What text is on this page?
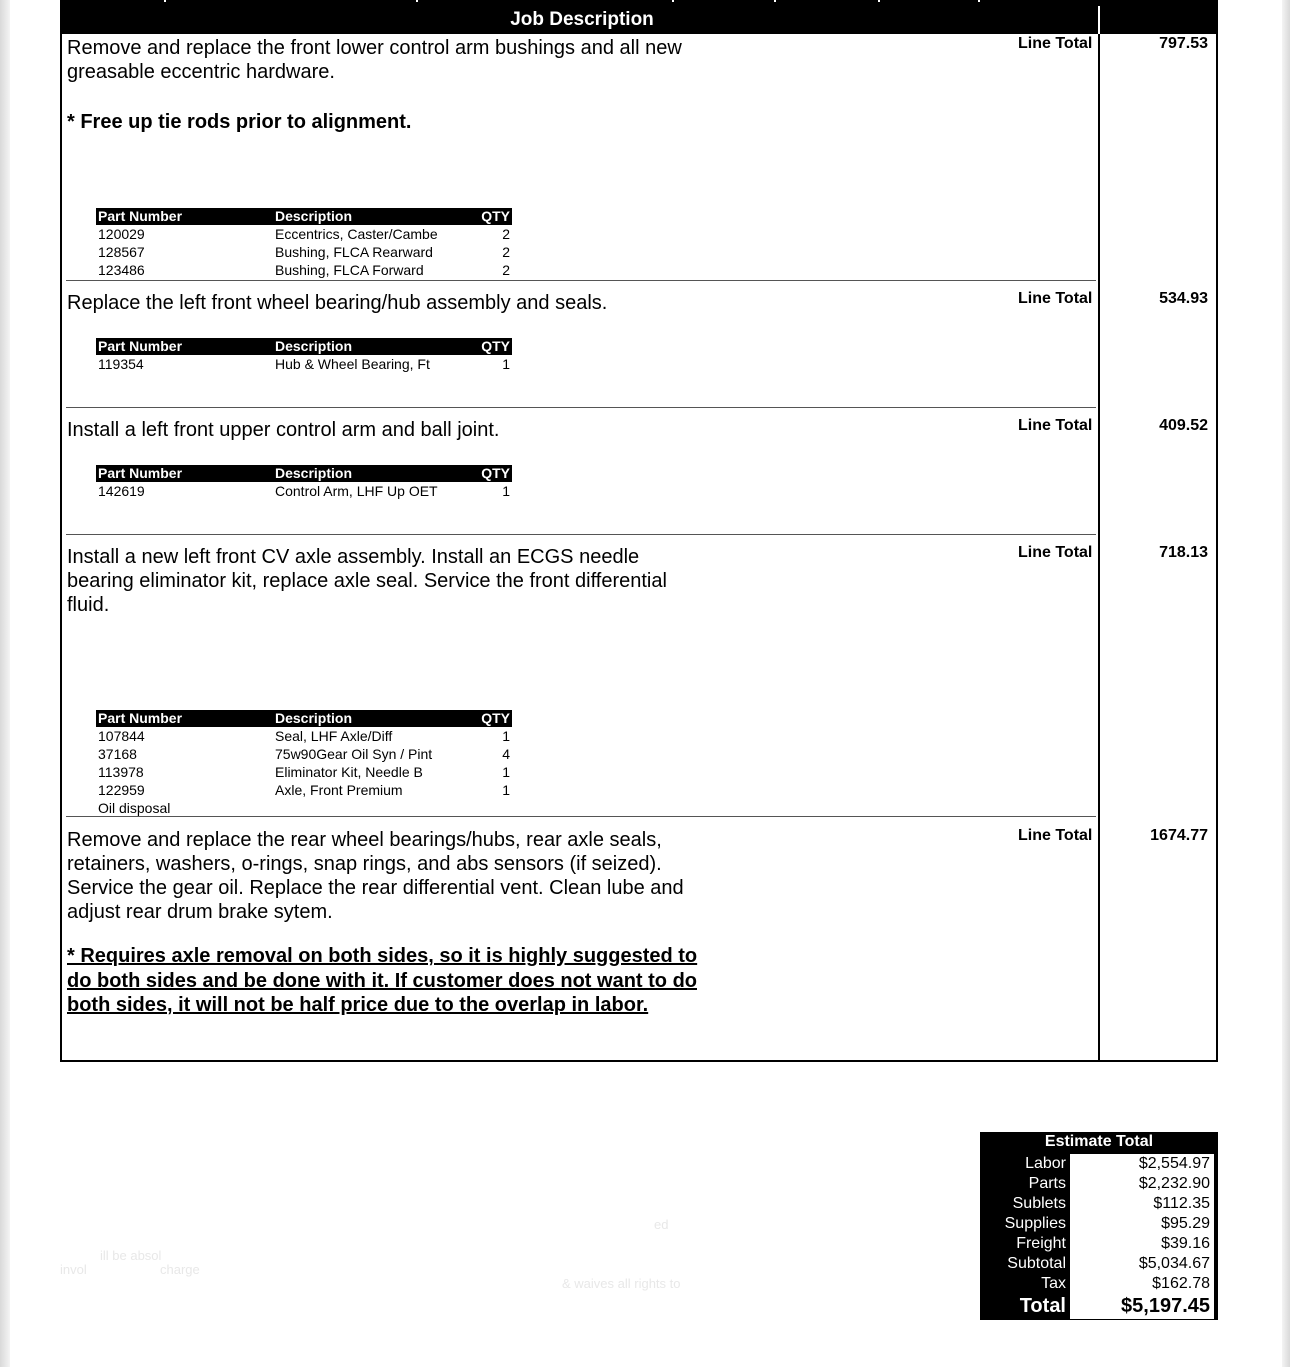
Job Description
Remove and replace the front lower control arm bushings and all new greasable eccentric hardware.
* Free up tie rods prior to alignment.
Line Total	797.53
Part Number	Description	QTY
120029	Eccentrics, Caster/Cambe	2
128567	Bushing, FLCA Rearward	2
123486	Bushing, FLCA Forward	2
Replace the left front wheel bearing/hub assembly and seals.	Line Total	534.93
Part Number	Description	QTY
119354	Hub & Wheel Bearing, Ft	1
Install a left front upper control arm and ball joint.	Line Total	409.52
Part Number	Description	QTY
142619	Control Arm, LHF Up OET	1
Install a new left front CV axle assembly. Install an ECGS needle bearing eliminator kit, replace axle seal. Service the front differential fluid.
Line Total	718.13
Part Number	Description	QTY
107844	Seal, LHF Axle/Diff	1
37168	75w90Gear Oil Syn / Pint	4
113978	Eliminator Kit, Needle B	1
122959	Axle, Front Premium	1
Oil disposal
Remove and replace the rear wheel bearings/hubs, rear axle seals, retainers, washers, o-rings, snap rings, and abs sensors (if seized). Service the gear oil. Replace the rear differential vent. Clean lube and adjust rear drum brake sytem.
* Requires axle removal on both sides, so it is highly suggested to do both sides and be done with it. If customer does not want to do both sides, it will not be half price due to the overlap in labor.
Line Total	1674.77
ill be absol
invol	charge
& waives all rights to
ed
Estimate Total
Labor	$2,554.97
Parts	$2,232.90
Sublets	$112.35
Supplies	$95.29
Freight	$39.16
Subtotal	$5,034.67
Tax	$162.78
Total	$5,197.45
